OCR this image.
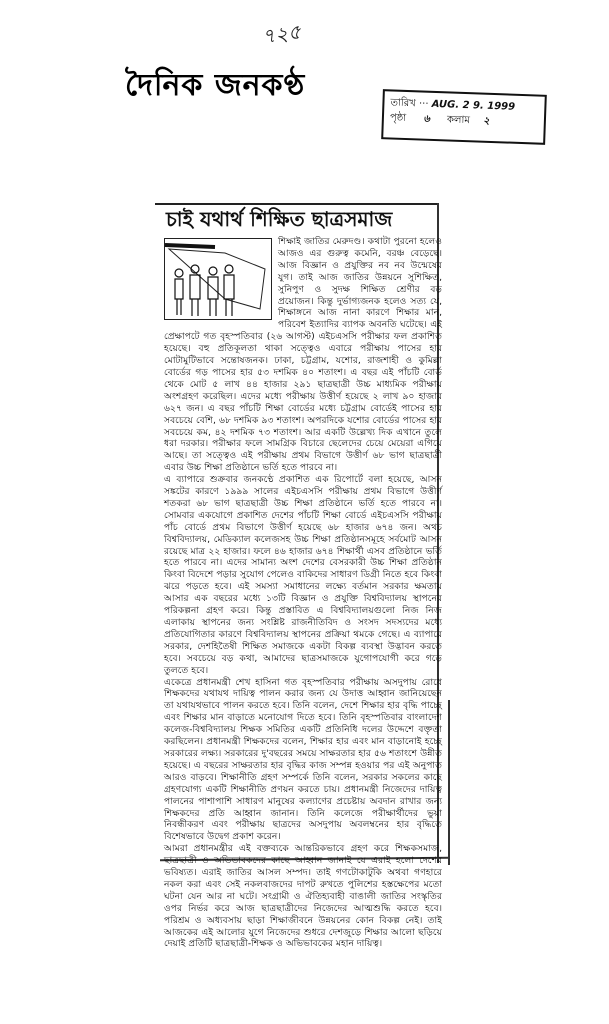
৭২৫
দৈনিক জনকণ্ঠ
তারিখ ··· AUG. 2 9. 1999
পৃষ্ঠা ৬ কলাম ২
চাই যথার্থ শিক্ষিত ছাত্রসমাজ

শিক্ষাই জাতির মেরুদণ্ড। কথাটা পুরনো হলেও আজও এর গুরুত্ব কমেনি, বরঞ্চ বেড়েছে। আজ বিজ্ঞান ও প্রযুক্তির নব নব উন্মেষের যুগ। তাই আজ জাতির উন্নয়নে সুশিক্ষিত, সুনিপুণ ও সুদক্ষ শিক্ষিত শ্রেণীর বড় প্রয়োজন। কিন্তু দুর্ভাগ্যজনক হলেও সত্য যে, শিক্ষাঙ্গনে আজ নানা কারণে শিক্ষার মান, পরিবেশ ইত্যাদির ব্যাপক অবনতি ঘটেছে। এই প্রেক্ষাপটে গত বৃহস্পতিবার (২৬ আগস্ট) এইচএসসি পরীক্ষার ফল প্রকাশিত হয়েছে। বহু প্রতিকূলতা থাকা সত্ত্বেও এবারে পরীক্ষায় পাসের হার মোটামুটিভাবে সন্তোষজনক। ঢাকা, চট্টগ্রাম, যশোর, রাজশাহী ও কুমিল্লা বোর্ডের গড় পাসের হার ৫৩ দশমিক ৪০ শতাংশ। এ বছর এই পাঁচটি বোর্ড থেকে মোট ৫ লাখ ৪৪ হাজার ২৯১ ছাত্রছাত্রী উচ্চ মাধ্যমিক পরীক্ষায় অংশগ্রহণ করেছিল। এদের মধ্যে পরীক্ষায় উত্তীর্ণ হয়েছে ২ লাখ ৯০ হাজার ৬২৭ জন। এ বছর পাঁচটি শিক্ষা বোর্ডের মধ্যে চট্টগ্রাম বোর্ডেই পাসের হার সবচেয়ে বেশি, ৬৮ দশমিক ৯৩ শতাংশ। অপরদিকে যশোর বোর্ডের পাসের হার সবচেয়ে কম, ৪২ দশমিক ৭৩ শতাংশ। আর একটি উল্লেখ্য দিক এখানে তুলে ধরা দরকার। পরীক্ষার ফলে সামগ্রিক বিচারে ছেলেদের চেয়ে মেয়েরা এগিয়ে আছে। তা সত্ত্বেও এই পরীক্ষায় প্রথম বিভাগে উত্তীর্ণ ৬৮ ভাগ ছাত্রছাত্রী এবার উচ্চ শিক্ষা প্রতিষ্ঠানে ভর্তি হতে পারবে না।

এ ব্যাপারে শুক্রবার জনকণ্ঠে প্রকাশিত এক রিপোর্টে বলা হয়েছে, আসন সঙ্কটের কারণে ১৯৯৯ সালের এইচএসসি পরীক্ষায় প্রথম বিভাগে উত্তীর্ণ শতকরা ৬৮ ভাগ ছাত্রছাত্রী উচ্চ শিক্ষা প্রতিষ্ঠানে ভর্তি হতে পারবে না। সোমবার একযোগে প্রকাশিত দেশের পাঁচটি শিক্ষা বোর্ডে এইচএসসি পরীক্ষায় পাঁচ বোর্ডে প্রথম বিভাগে উত্তীর্ণ হয়েছে ৬৮ হাজার ৬৭৪ জন। অথচ বিশ্ববিদ্যালয়, মেডিক্যাল কলেজসহ উচ্চ শিক্ষা প্রতিষ্ঠানসমূহে সর্বমোট আসন রয়েছে মাত্র ২২ হাজার। ফলে ৪৬ হাজার ৬৭৪ শিক্ষার্থী এসব প্রতিষ্ঠানে ভর্তি হতে পারবে না। এদের সামান্য অংশ দেশের বেসরকারী উচ্চ শিক্ষা প্রতিষ্ঠান কিংবা বিদেশে পড়ার সুযোগ পেলেও বাকিদের সাধারণ ডিগ্রী নিতে হবে কিংবা ঝরে পড়তে হবে। এই সমস্যা সমাধানের লক্ষ্যে বর্তমান সরকার ক্ষমতায় আসার এক বছরের মধ্যে ১৩টি বিজ্ঞান ও প্রযুক্তি বিশ্ববিদ্যালয় স্থাপনের পরিকল্পনা গ্রহণ করে। কিন্তু প্রস্তাবিত এ বিশ্ববিদ্যালয়গুলো নিজ নিজ এলাকায় স্থাপনের জন্য সংশ্লিষ্ট রাজনীতিবিদ ও সংসদ সদস্যদের মধ্যে প্রতিযোগিতার কারণে বিশ্ববিদ্যালয় স্থাপনের প্রক্রিয়া থমকে গেছে। এ ব্যাপারে সরকার, দেশহিতৈষী শিক্ষিত সমাজকে একটা বিকল্প ব্যবস্থা উদ্ভাবন করতে হবে। সবচেয়ে বড় কথা, আমাদের ছাত্রসমাজকে যুগোপযোগী করে গড়ে তুলতে হবে।

একেত্রে প্রধানমন্ত্রী শেখ হাসিনা গত বৃহস্পতিবার পরীক্ষায় অসদুপায় রোধে শিক্ষকদের যথাযথ দায়িত্ব পালন করার জন্য যে উদাত্ত আহ্বান জানিয়েছেন তা যথাযথভাবে পালন করতে হবে। তিনি বলেন, দেশে শিক্ষার হার বৃদ্ধি পাচ্ছে এবং শিক্ষার মান বাড়াতে মনোযোগ দিতে হবে। তিনি বৃহস্পতিবার বাংলাদেশ কলেজ-বিশ্ববিদ্যালয় শিক্ষক সমিতির একটি প্রতিনিধি দলের উদ্দেশে বক্তৃতা করছিলেন। প্রধানমন্ত্রী শিক্ষকদের বলেন, শিক্ষার হার এবং মান বাড়ানোই হচ্ছে সরকারের লক্ষ্য। সরকারের দু'বছরের সময়ে সাক্ষরতার হার ৫৬ শতাংশে উন্নীত হয়েছে। এ বছরের সাক্ষরতার হার বৃদ্ধির কাজ সম্পন্ন হওয়ার পর এই অনুপাত আরও বাড়বে। শিক্ষানীতি গ্রহণ সম্পর্কে তিনি বলেন, সরকার সকলের কাছে গ্রহণযোগ্য একটি শিক্ষানীতি প্রণয়ন করতে চায়। প্রধানমন্ত্রী নিজেদের দায়িত্ব পালনের পাশাপাশি সাধারণ মানুষের কল্যাণের প্রচেষ্টায় অবদান রাখার জন্য শিক্ষকদের প্রতি আহ্বান জানান। তিনি কলেজে পরীক্ষার্থীদের ভুয়া নিবন্ধীকরণ এবং পরীক্ষায় ছাত্রদের অসদুপায় অবলম্বনের হার বৃদ্ধিতে বিশেষভাবে উদ্বেগ প্রকাশ করেন।

আমরা প্রধানমন্ত্রীর এই বক্তব্যকে আন্তরিকভাবে গ্রহণ করে শিক্ষকসমাজ, ছাত্রছাত্রী ও অভিভাবকদের কাছে আহ্বান জানাই যে এরাই হলো দেশের ভবিষ্যত। এরাই জাতির আসল সম্পদ। তাই গণটোকাটুকি অথবা গণহারে নকল করা এবং সেই নকলবাজদের দাপট রুখতে পুলিশের হস্তক্ষেপের মতো ঘটনা যেন আর না ঘটে। সংগ্রামী ও ঐতিহ্যবাহী বাঙালী জাতির সংস্কৃতির ওপর নির্ভর করে আজ ছাত্রছাত্রীদের নিজেদের আত্মশুদ্ধি করতে হবে। পরিশ্রম ও অধ্যবসায় ছাড়া শিক্ষাজীবনে উন্নয়নের কোন বিকল্প নেই। তাই আজকের এই আলোর যুগে নিজেদের শুধরে দেশজুড়ে শিক্ষার আলো ছড়িয়ে দেয়াই প্রতিটি ছাত্রছাত্রী-শিক্ষক ও অভিভাবকের মহান দায়িত্ব।
